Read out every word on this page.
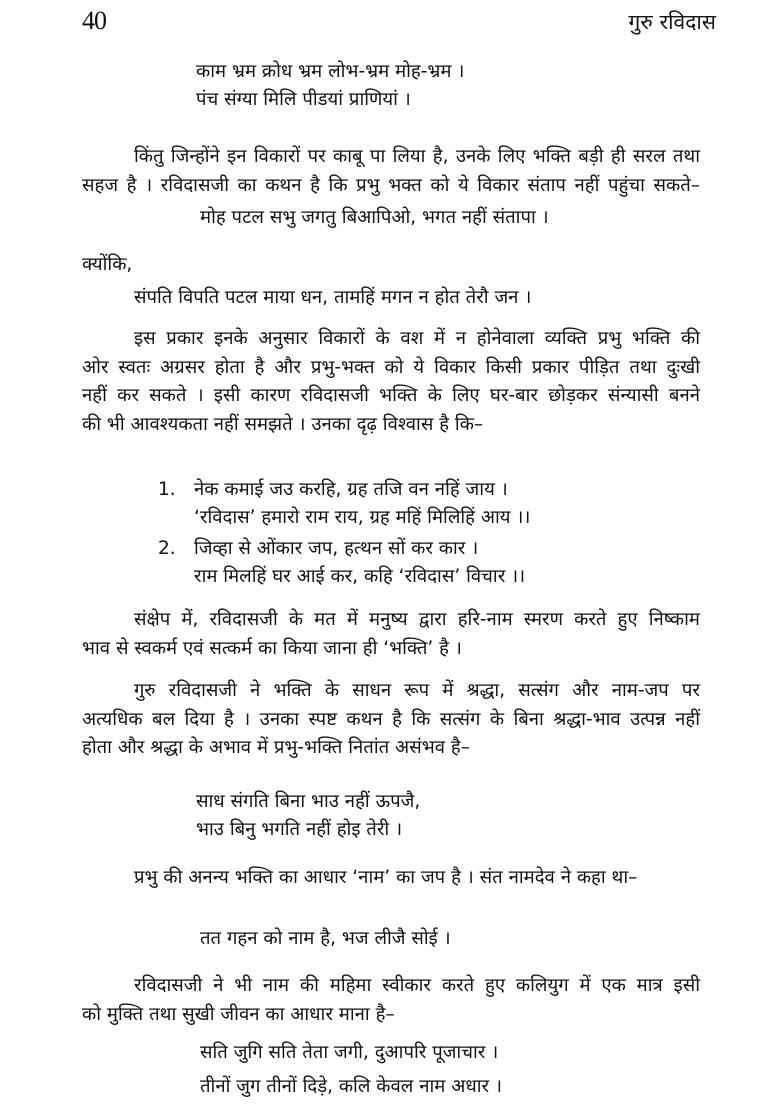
40	गुरु रविदास
काम भ्रम क्रोध भ्रम लोभ-भ्रम मोह-भ्रम ।
पंच संग्या मिलि पीडयां प्राणियां ।
किंतु जिन्होंने इन विकारों पर काबू पा लिया है, उनके लिए भक्ति बड़ी ही सरल तथा
सहज है । रविदासजी का कथन है कि प्रभु भक्त को ये विकार संताप नहीं पहुंचा सकते–
मोह पटल सभु जगतु बिआपिओ, भगत नहीं संतापा ।
क्योंकि,
संपति विपति पटल माया धन, तामहिं मगन न होत तेरौ जन ।
इस प्रकार इनके अनुसार विकारों के वश में न होनेवाला व्यक्ति प्रभु भक्ति की
ओर स्वतः अग्रसर होता है और प्रभु-भक्त को ये विकार किसी प्रकार पीड़ित तथा दुःखी
नहीं कर सकते । इसी कारण रविदासजी भक्ति के लिए घर-बार छोड़कर संन्यासी बनने
की भी आवश्यकता नहीं समझते । उनका दृढ़ विश्वास है कि–
1. नेक कमाई जउ करहि, ग्रह तजि वन नहिं जाय ।
‘रविदास’ हमारो राम राय, ग्रह महिं मिलिहिं आय ।।
2. जिव्हा से ओंकार जप, हत्थन सों कर कार ।
राम मिलहिं घर आई कर, कहि ‘रविदास’ विचार ।।
संक्षेप में, रविदासजी के मत में मनुष्य द्वारा हरि-नाम स्मरण करते हुए निष्काम
भाव से स्वकर्म एवं सत्कर्म का किया जाना ही ‘भक्ति’ है ।
गुरु रविदासजी ने भक्ति के साधन रूप में श्रद्धा, सत्संग और नाम-जप पर
अत्यधिक बल दिया है । उनका स्पष्ट कथन है कि सत्संग के बिना श्रद्धा-भाव उत्पन्न नहीं
होता और श्रद्धा के अभाव में प्रभु-भक्ति नितांत असंभव है–
साध संगति बिना भाउ नहीं ऊपजै,
भाउ बिनु भगति नहीं होइ तेरी ।
प्रभु की अनन्य भक्ति का आधार ‘नाम’ का जप है । संत नामदेव ने कहा था–
तत गहन को नाम है, भज लीजै सोई ।
रविदासजी ने भी नाम की महिमा स्वीकार करते हुए कलियुग में एक मात्र इसी
को मुक्ति तथा सुखी जीवन का आधार माना है–
सति जुगि सति तेता जगी, दुआपरि पूजाचार ।
तीनों जुग तीनों दिड़े, कलि केवल नाम अधार ।
